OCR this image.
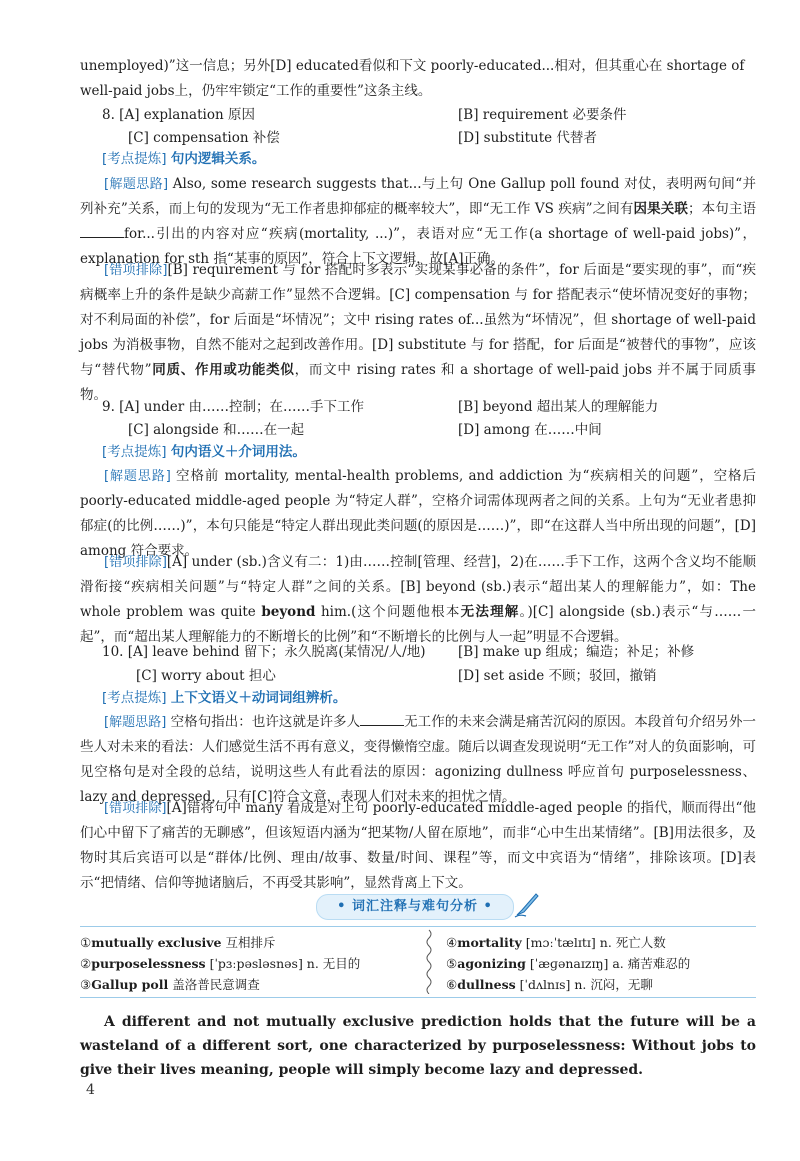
unemployed)”这一信息；另外[D] educated看似和下文 poorly-educated...相对，但其重心在 shortage of
well-paid jobs上，仍牢牢锁定“工作的重要性”这条主线。

8. [A] explanation 原因	[B] requirement 必要条件
[C] compensation 补偿	[D] substitute 代替者
[考点提炼] 句内逻辑关系。

[解题思路] Also, some research suggests that...与上句 One Gallup poll found 对仗，表明两句间“并列补充”关系，而上句的发现为“无工作者患抑郁症的概率较大”，即“无工作 VS 疾病”之间有因果关联；本句主语for...引出的内容对应“疾病(mortality, ...)”，表语对应“无工作(a shortage of well-paid jobs)”，explanation for sth 指“某事的原因”，符合上下文逻辑，故[A]正确。

[错项排除][B] requirement 与 for 搭配时多表示“实现某事必备的条件”，for 后面是“要实现的事”，而“疾病概率上升的条件是缺少高薪工作”显然不合逻辑。[C] compensation 与 for 搭配表示“使坏情况变好的事物；对不利局面的补偿”，for 后面是“坏情况”；文中 rising rates of...虽然为“坏情况”，但 shortage of well-paid jobs 为消极事物，自然不能对之起到改善作用。[D] substitute 与 for 搭配，for 后面是“被替代的事物”，应该与“替代物”同质、作用或功能类似，而文中 rising rates 和 a shortage of well-paid jobs 并不属于同质事物。

9. [A] under 由……控制；在……手下工作	[B] beyond 超出某人的理解能力
[C] alongside 和……在一起	[D] among 在……中间
[考点提炼] 句内语义＋介词用法。

[解题思路] 空格前 mortality, mental-health problems, and addiction 为“疾病相关的问题”，空格后 poorly-educated middle-aged people 为“特定人群”，空格介词需体现两者之间的关系。上句为“无业者患抑郁症(的比例……)”，本句只能是“特定人群出现此类问题(的原因是……)”，即“在这群人当中所出现的问题”，[D] among 符合要求。

[错项排除][A] under (sb.)含义有二：1)由……控制[管理、经营]，2)在……手下工作，这两个含义均不能顺滑衔接“疾病相关问题”与“特定人群”之间的关系。[B] beyond (sb.)表示“超出某人的理解能力”，如：The whole problem was quite beyond him.(这个问题他根本无法理解。)[C] alongside (sb.)表示“与……一起”，而“超出某人理解能力的不断增长的比例”和“不断增长的比例与人一起”明显不合逻辑。

10. [A] leave behind 留下；永久脱离(某情况/人/地) [B] make up 组成；编造；补足；补修
[C] worry about 担心	[D] set aside 不顾；驳回，撤销
[考点提炼] 上下文语义＋动词词组辨析。

[解题思路] 空格句指出：也许这就是许多人	无工作的未来会满是痛苦沉闷的原因。本段首句介绍另外一些人对未来的看法：人们感觉生活不再有意义，变得懒惰空虚。随后以调查发现说明“无工作”对人的负面影响，可见空格句是对全段的总结，说明这些人有此看法的原因：agonizing dullness 呼应首句 purposelessness、lazy and depressed，只有[C]符合文意，表现人们对未来的担忧之情。

[错项排除][A]错将句中 many 看成是对上句 poorly-educated middle-aged people 的指代，顺而得出“他们心中留下了痛苦的无聊感”，但该短语内涵为“把某物/人留在原地”，而非“心中生出某情绪”。[B]用法很多，及物时其后宾语可以是“群体/比例、理由/故事、数量/时间、课程”等，而文中宾语为“情绪”，排除该项。[D]表示“把情绪、信仰等抛诸脑后，不再受其影响”，显然背离上下文。

• 词汇注释与难句分析 •
①mutually exclusive 互相排斥
②purposelessness [ˈpɜːpəsləsnəs] n. 无目的
③Gallup poll 盖洛普民意调查
④mortality [mɔːˈtælɪtɪ] n. 死亡人数
⑤agonizing [ˈæɡənaɪzɪŋ] a. 痛苦难忍的
⑥dullness [ˈdʌlnɪs] n. 沉闷，无聊

A different and not mutually exclusive prediction holds that the future will be a wasteland of a different sort, one characterized by purposelessness: Without jobs to give their lives meaning, people will simply become lazy and depressed.

4
